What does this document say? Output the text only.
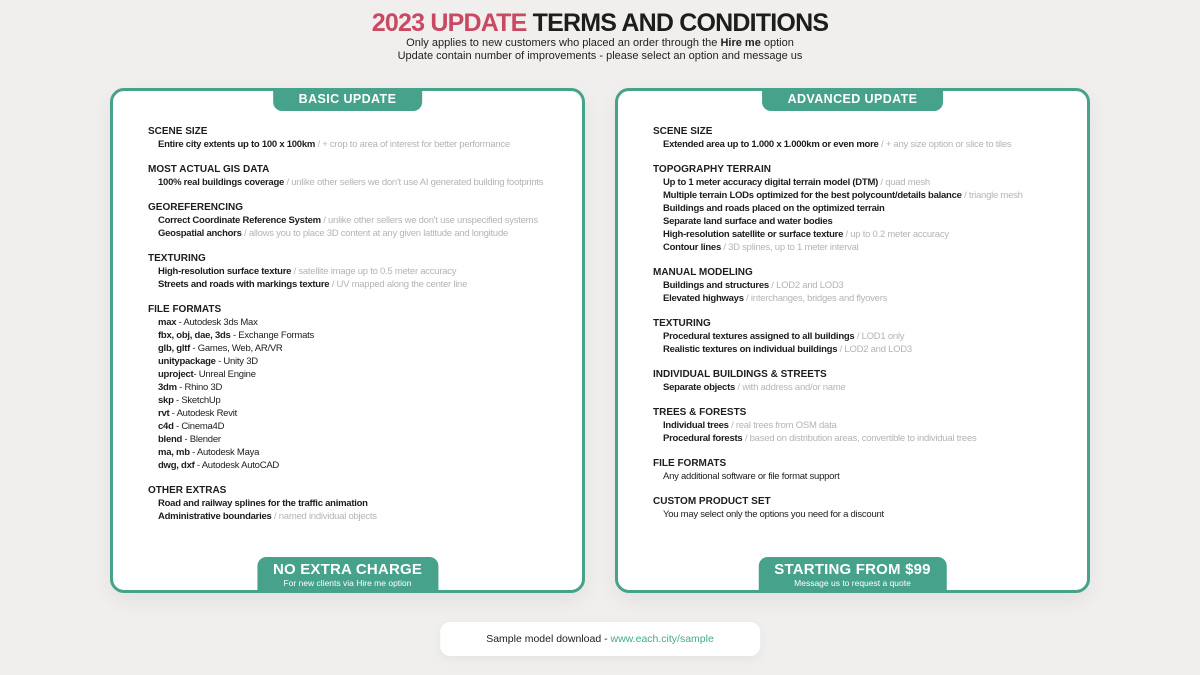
2023 UPDATE TERMS AND CONDITIONS
Only applies to new customers who placed an order through the Hire me option
Update contain number of improvements - please select an option and message us
BASIC UPDATE
SCENE SIZE
Entire city extents up to 100 x 100km / + crop to area of interest for better performance
MOST ACTUAL GIS DATA
100% real buildings coverage / unlike other sellers we don't use AI generated building footprints
GEOREFERENCING
Correct Coordinate Reference System / unlike other sellers we don't use unspecified systems
Geospatial anchors / allows you to place 3D content at any given latitude and longitude
TEXTURING
High-resolution surface texture / satellite image up to 0.5 meter accuracy
Streets and roads with markings texture / UV mapped along the center line
FILE FORMATS
max - Autodesk 3ds Max
fbx, obj, dae, 3ds - Exchange Formats
glb, gltf - Games, Web, AR/VR
unitypackage - Unity 3D
uproject- Unreal Engine
3dm - Rhino 3D
skp - SketchUp
rvt - Autodesk Revit
c4d - Cinema4D
blend - Blender
ma, mb - Autodesk Maya
dwg, dxf - Autodesk AutoCAD
OTHER EXTRAS
Road and railway splines for the traffic animation
Administrative boundaries / named individual objects
NO EXTRA CHARGE
For new clients via Hire me option
ADVANCED UPDATE
SCENE SIZE
Extended area up to 1.000 x 1.000km or even more / + any size option or slice to tiles
TOPOGRAPHY TERRAIN
Up to 1 meter accuracy digital terrain model (DTM) / quad mesh
Multiple terrain LODs optimized for the best polycount/details balance / triangle mesh
Buildings and roads placed on the optimized terrain
Separate land surface and water bodies
High-resolution satellite or surface texture / up to 0.2 meter accuracy
Contour lines / 3D splines, up to 1 meter interval
MANUAL MODELING
Buildings and structures / LOD2 and LOD3
Elevated highways / interchanges, bridges and flyovers
TEXTURING
Procedural textures assigned to all buildings / LOD1 only
Realistic textures on individual buildings / LOD2 and LOD3
INDIVIDUAL BUILDINGS & STREETS
Separate objects / with address and/or name
TREES & FORESTS
Individual trees / real trees from OSM data
Procedural forests / based on distribution areas, convertible to individual trees
FILE FORMATS
Any additional software or file format support
CUSTOM PRODUCT SET
You may select only the options you need for a discount
STARTING FROM $99
Message us to request a quote
Sample model download - www.each.city/sample
